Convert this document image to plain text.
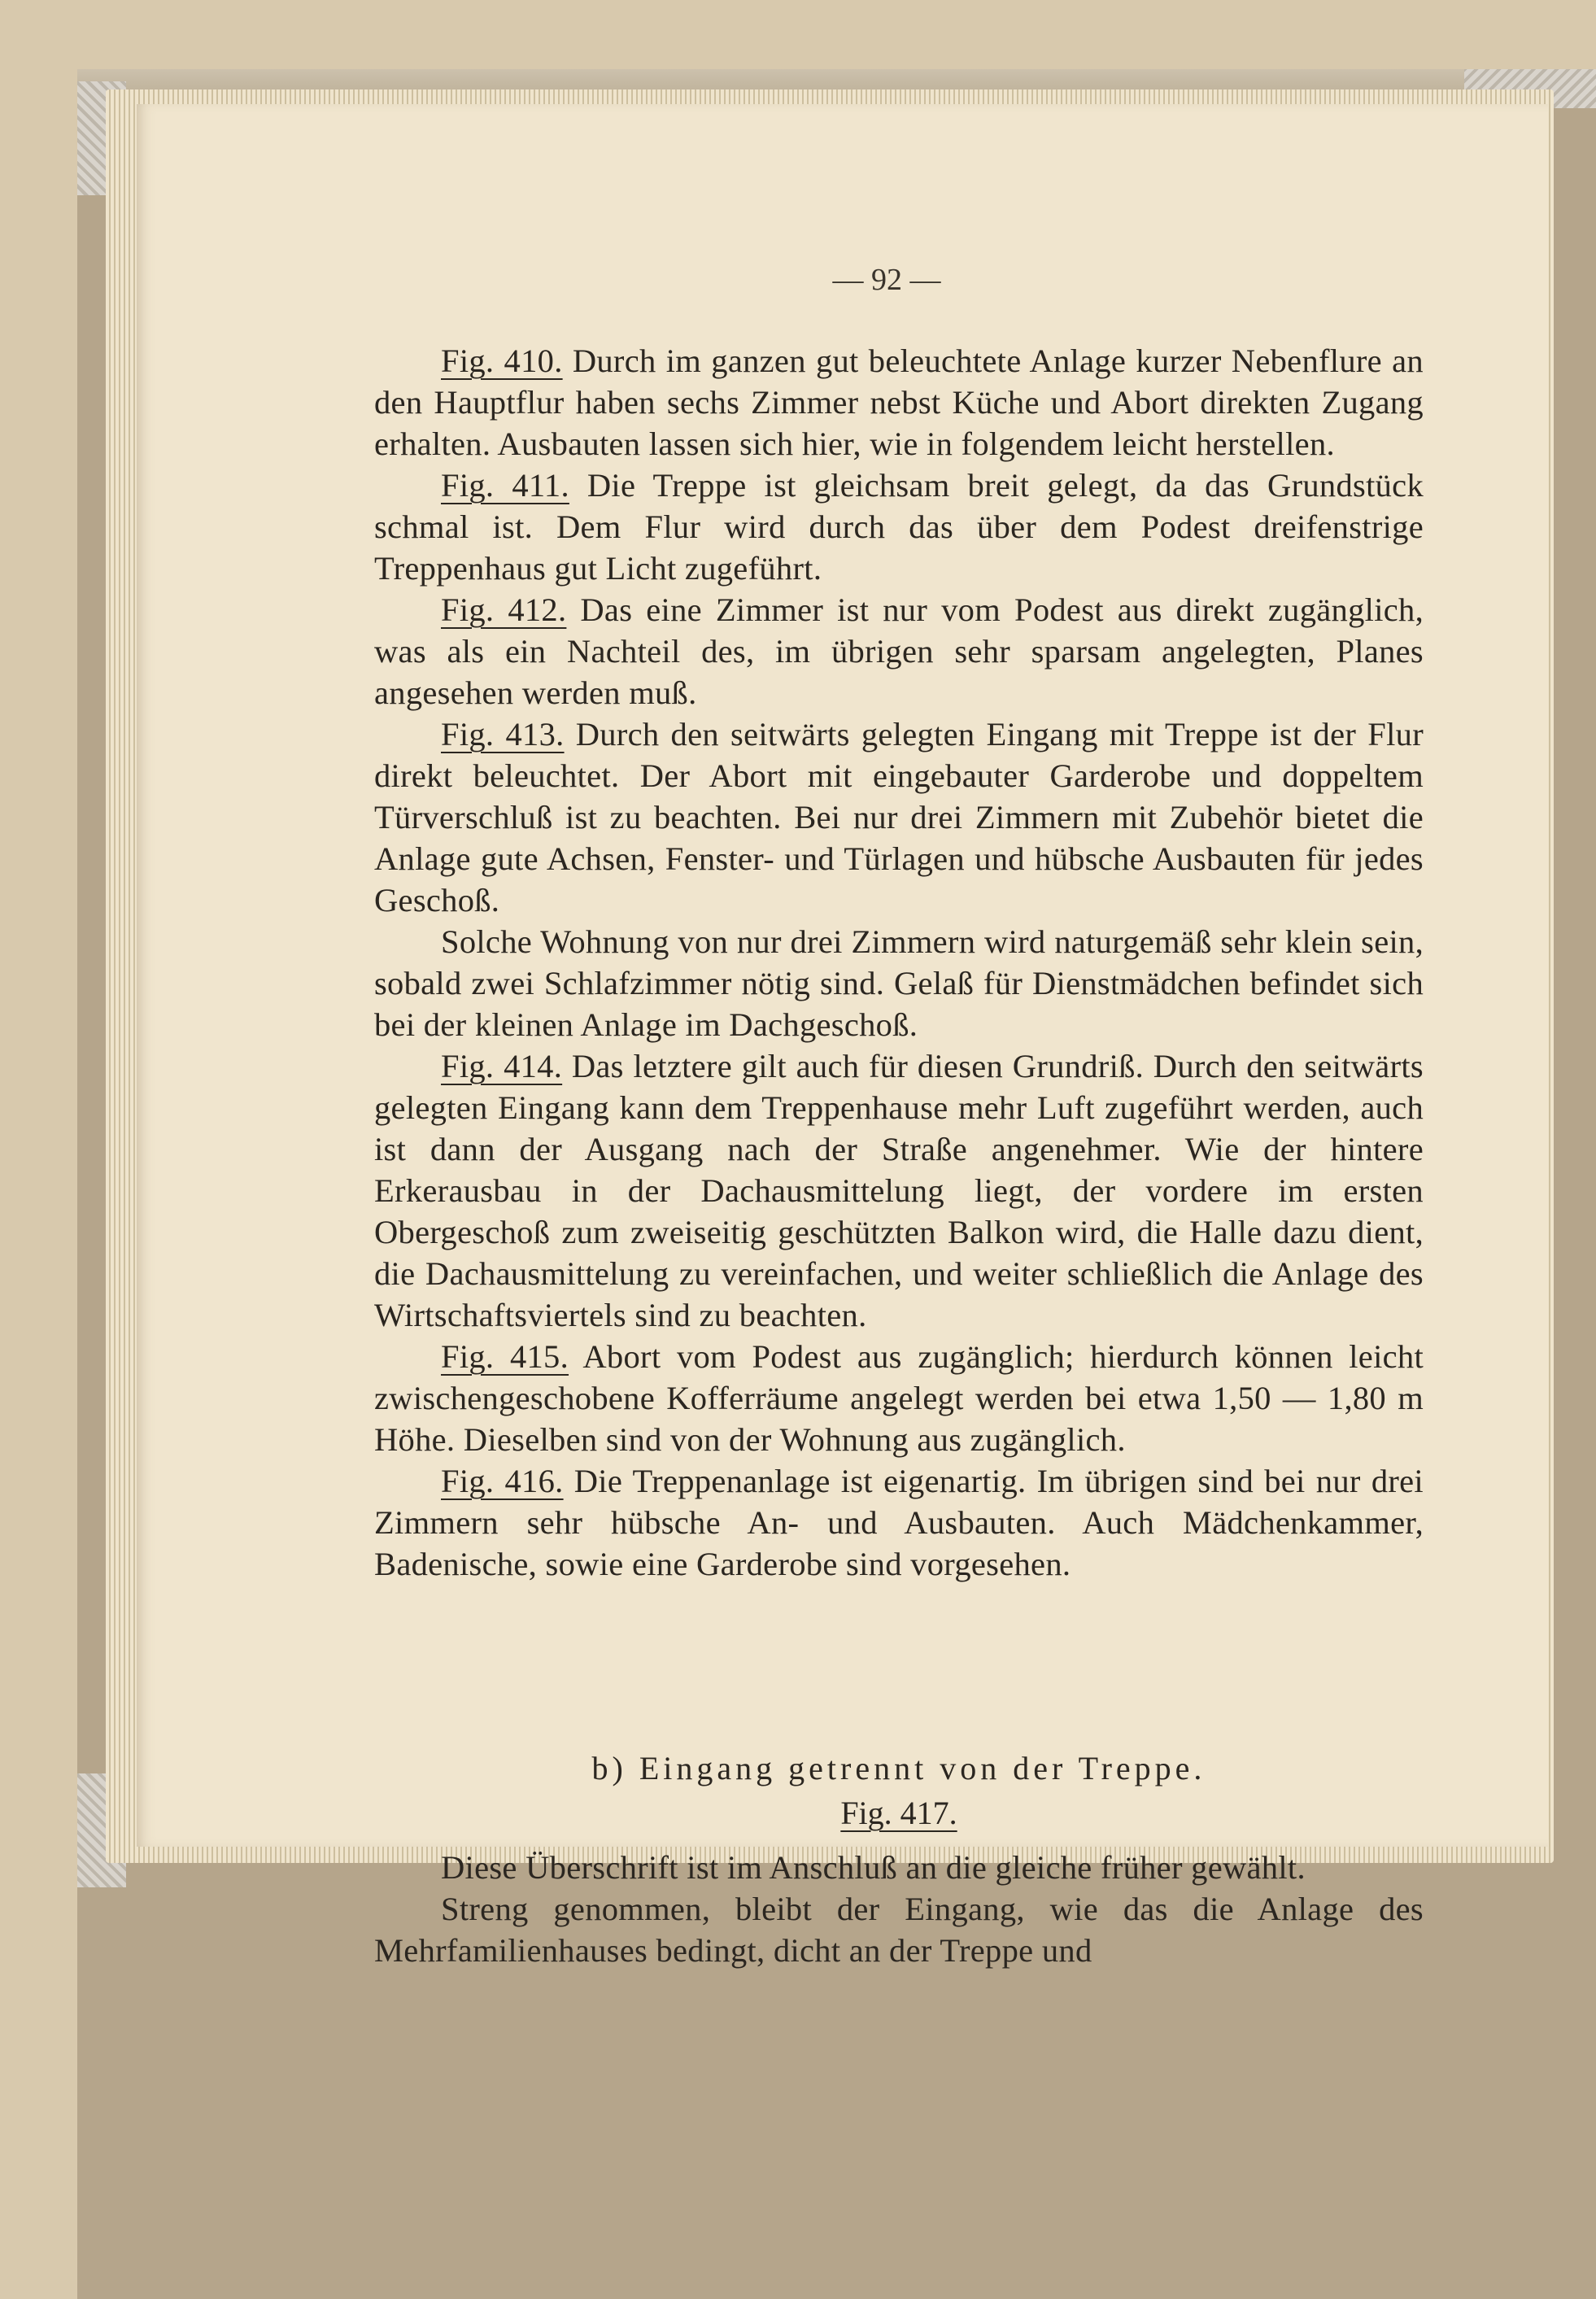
— 92 —

Fig. 410. Durch im ganzen gut beleuchtete Anlage kurzer Nebenflure an den Hauptflur haben sechs Zimmer nebst Küche und Abort direkten Zugang erhalten. Ausbauten lassen sich hier, wie in folgendem leicht herstellen.

Fig. 411. Die Treppe ist gleichsam breit gelegt, da das Grundstück schmal ist. Dem Flur wird durch das über dem Podest dreifenstrige Treppenhaus gut Licht zugeführt.

Fig. 412. Das eine Zimmer ist nur vom Podest aus direkt zugänglich, was als ein Nachteil des, im übrigen sehr sparsam angelegten, Planes angesehen werden muß.

Fig. 413. Durch den seitwärts gelegten Eingang mit Treppe ist der Flur direkt beleuchtet. Der Abort mit eingebauter Garderobe und doppeltem Türverschluß ist zu beachten. Bei nur drei Zimmern mit Zubehör bietet die Anlage gute Achsen, Fenster- und Türlagen und hübsche Ausbauten für jedes Geschoß.

Solche Wohnung von nur drei Zimmern wird naturgemäß sehr klein sein, sobald zwei Schlafzimmer nötig sind. Gelaß für Dienstmädchen befindet sich bei der kleinen Anlage im Dachgeschoß.

Fig. 414. Das letztere gilt auch für diesen Grundriß. Durch den seitwärts gelegten Eingang kann dem Treppenhause mehr Luft zugeführt werden, auch ist dann der Ausgang nach der Straße angenehmer. Wie der hintere Erkerausbau in der Dachausmittelung liegt, der vordere im ersten Obergeschoß zum zweiseitig geschützten Balkon wird, die Halle dazu dient, die Dachausmittelung zu vereinfachen, und weiter schließlich die Anlage des Wirtschaftsviertels sind zu beachten.

Fig. 415. Abort vom Podest aus zugänglich; hierdurch können leicht zwischengeschobene Kofferräume angelegt werden bei etwa 1,50 — 1,80 m Höhe. Dieselben sind von der Wohnung aus zugänglich.

Fig. 416. Die Treppenanlage ist eigenartig. Im übrigen sind bei nur drei Zimmern sehr hübsche An- und Ausbauten. Auch Mädchenkammer, Badenische, sowie eine Garderobe sind vorgesehen.

b) Eingang getrennt von der Treppe.
Fig. 417.

Diese Überschrift ist im Anschluß an die gleiche früher gewählt.

Streng genommen, bleibt der Eingang, wie das die Anlage des Mehrfamilienhauses bedingt, dicht an der Treppe und
